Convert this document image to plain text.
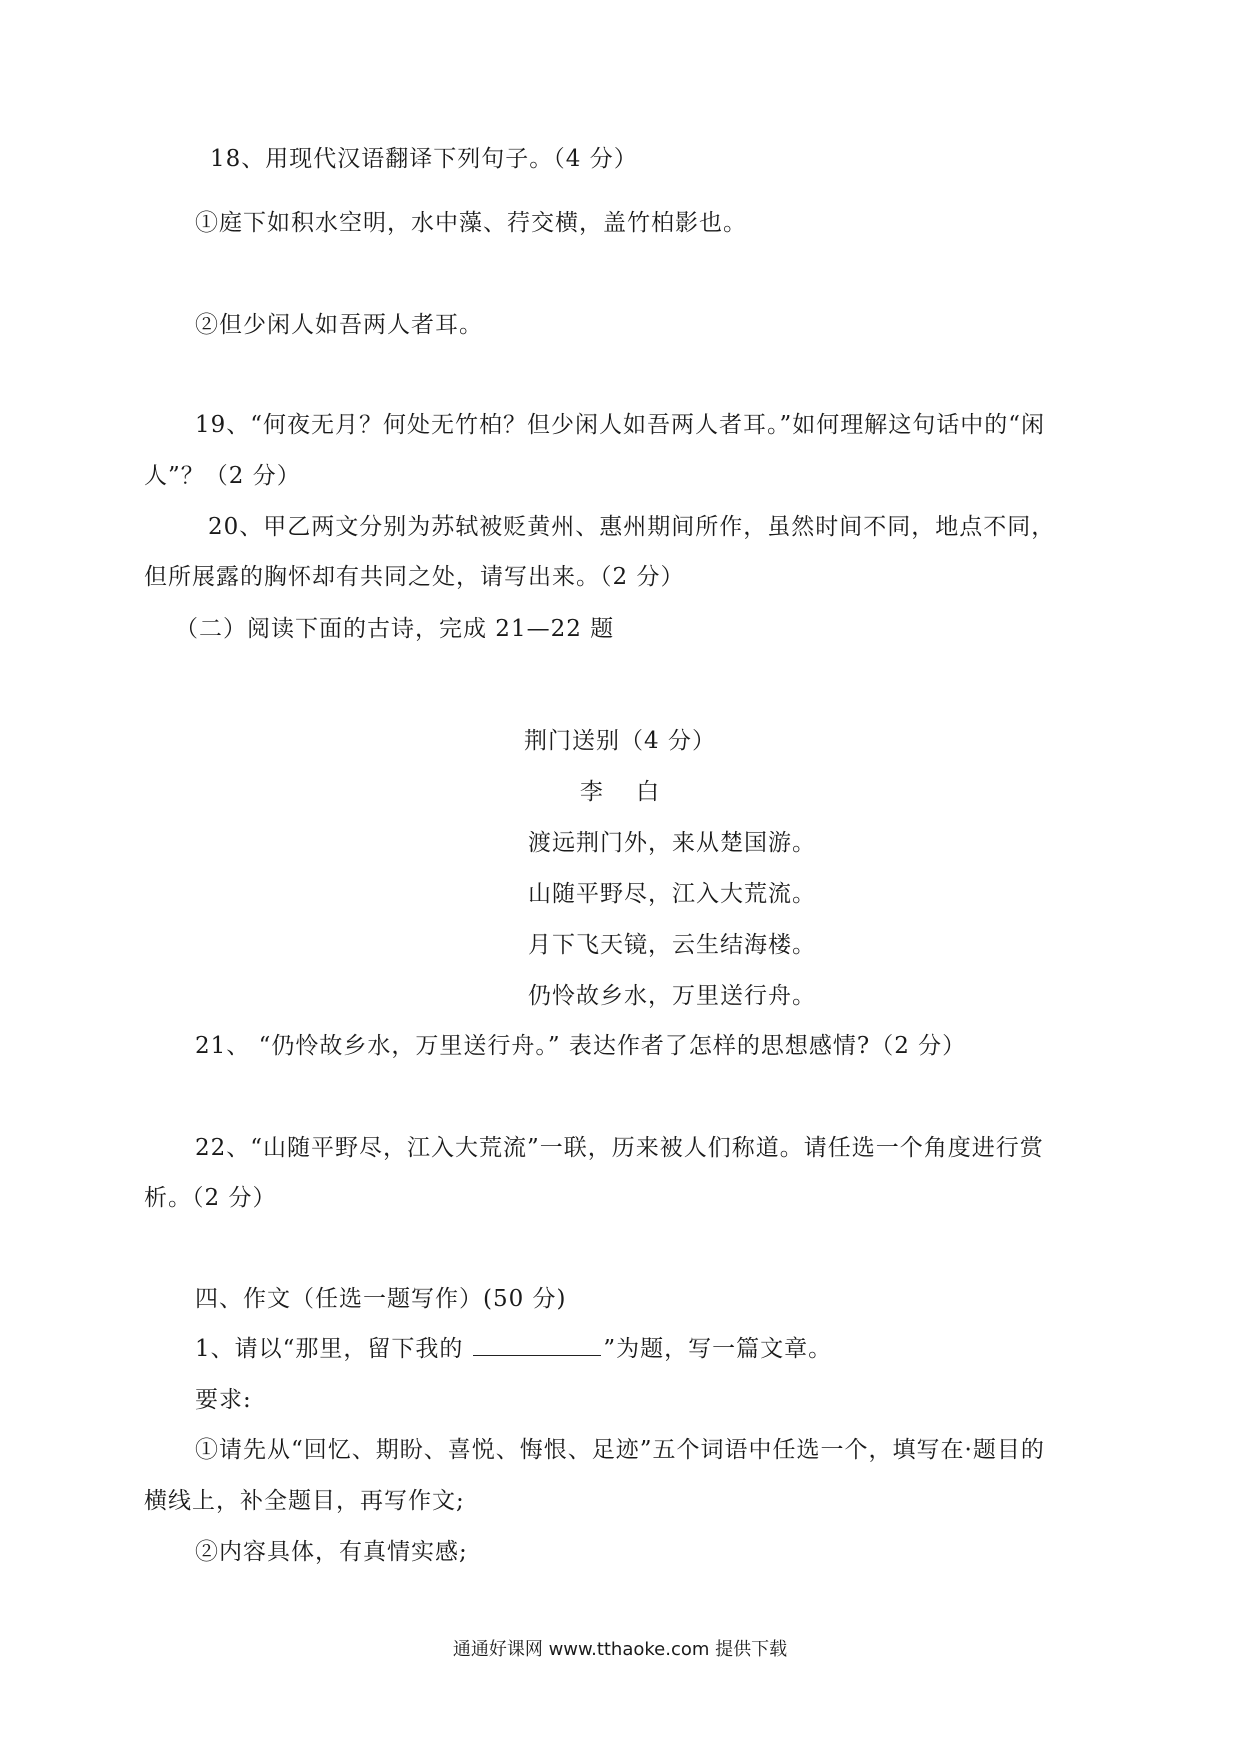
18、用现代汉语翻译下列句子。（4 分）
①庭下如积水空明，水中藻、荇交横，盖竹柏影也。
②但少闲人如吾两人者耳。
19、“何夜无月？何处无竹柏？但少闲人如吾两人者耳。”如何理解这句话中的“闲
人”？（2 分）
20、甲乙两文分别为苏轼被贬黄州、惠州期间所作，虽然时间不同，地点不同，
但所展露的胸怀却有共同之处，请写出来。（2 分）
（二）阅读下面的古诗，完成 21—22 题
荆门送别（4 分）
李　 白
渡远荆门外，来从楚国游。
山随平野尽，江入大荒流。
月下飞天镜，云生结海楼。
仍怜故乡水，万里送行舟。
21、 “仍怜故乡水，万里送行舟。” 表达作者了怎样的思想感情?（2 分）
22、“山随平野尽，江入大荒流”一联，历来被人们称道。请任选一个角度进行赏
析。（2 分）
四、作文（任选一题写作）(50 分)
1、请以“那里，留下我的	”为题，写一篇文章。
要求:
①请先从“回忆、期盼、喜悦、悔恨、足迹”五个词语中任选一个，填写在·题目的
横线上，补全题目，再写作文;
②内容具体，有真情实感;
通通好课网 www.tthaoke.com 提供下载
